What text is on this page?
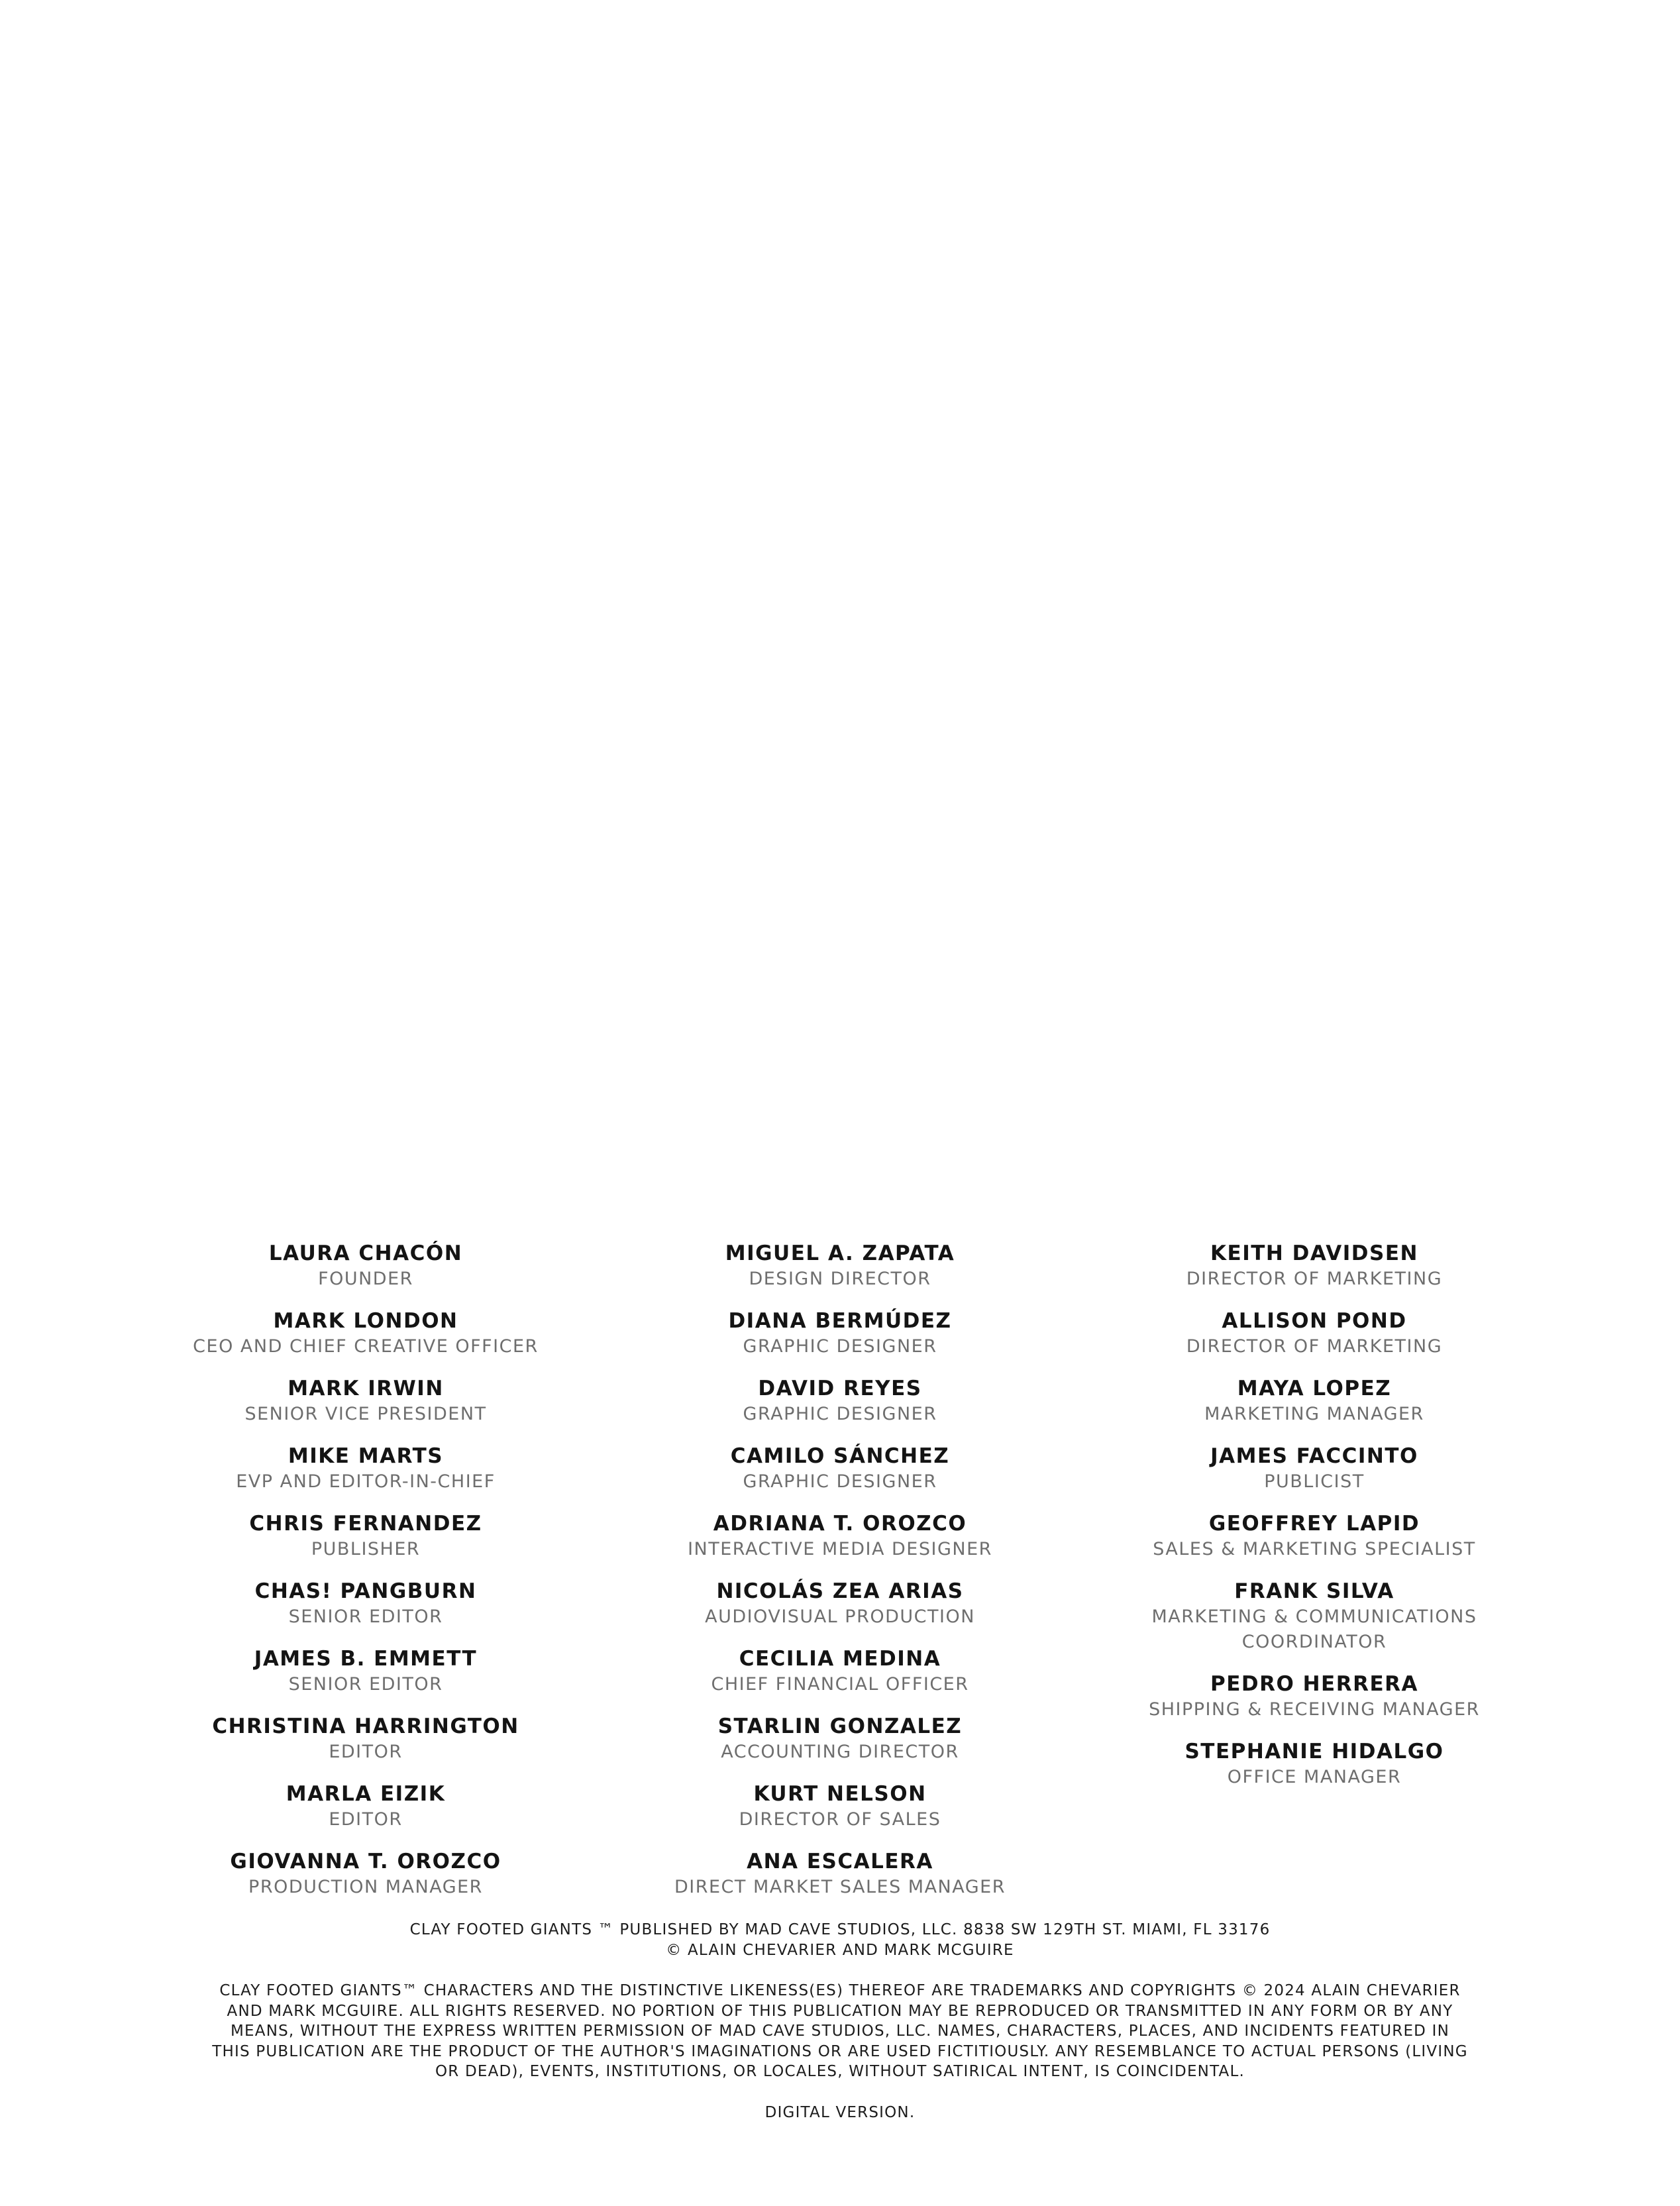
LAURA CHACÓN
FOUNDER
MARK LONDON
CEO AND CHIEF CREATIVE OFFICER
MARK IRWIN
SENIOR VICE PRESIDENT
MIKE MARTS
EVP AND EDITOR-IN-CHIEF
CHRIS FERNANDEZ
PUBLISHER
CHAS! PANGBURN
SENIOR EDITOR
JAMES B. EMMETT
SENIOR EDITOR
CHRISTINA HARRINGTON
EDITOR
MARLA EIZIK
EDITOR
GIOVANNA T. OROZCO
PRODUCTION MANAGER
MIGUEL A. ZAPATA
DESIGN DIRECTOR
DIANA BERMÚDEZ
GRAPHIC DESIGNER
DAVID REYES
GRAPHIC DESIGNER
CAMILO SÁNCHEZ
GRAPHIC DESIGNER
ADRIANA T. OROZCO
INTERACTIVE MEDIA DESIGNER
NICOLÁS ZEA ARIAS
AUDIOVISUAL PRODUCTION
CECILIA MEDINA
CHIEF FINANCIAL OFFICER
STARLIN GONZALEZ
ACCOUNTING DIRECTOR
KURT NELSON
DIRECTOR OF SALES
ANA ESCALERA
DIRECT MARKET SALES MANAGER
KEITH DAVIDSEN
DIRECTOR OF MARKETING
ALLISON POND
DIRECTOR OF MARKETING
MAYA LOPEZ
MARKETING MANAGER
JAMES FACCINTO
PUBLICIST
GEOFFREY LAPID
SALES & MARKETING SPECIALIST
FRANK SILVA
MARKETING & COMMUNICATIONS COORDINATOR
PEDRO HERRERA
SHIPPING & RECEIVING MANAGER
STEPHANIE HIDALGO
OFFICE MANAGER
CLAY FOOTED GIANTS ™ PUBLISHED BY MAD CAVE STUDIOS, LLC. 8838 SW 129TH ST. MIAMI, FL 33176
© ALAIN CHEVARIER AND MARK MCGUIRE
CLAY FOOTED GIANTS™ CHARACTERS AND THE DISTINCTIVE LIKENESS(ES) THEREOF ARE TRADEMARKS AND COPYRIGHTS © 2024 ALAIN CHEVARIER AND MARK MCGUIRE. ALL RIGHTS RESERVED. NO PORTION OF THIS PUBLICATION MAY BE REPRODUCED OR TRANSMITTED IN ANY FORM OR BY ANY MEANS, WITHOUT THE EXPRESS WRITTEN PERMISSION OF MAD CAVE STUDIOS, LLC. NAMES, CHARACTERS, PLACES, AND INCIDENTS FEATURED IN THIS PUBLICATION ARE THE PRODUCT OF THE AUTHOR'S IMAGINATIONS OR ARE USED FICTITIOUSLY. ANY RESEMBLANCE TO ACTUAL PERSONS (LIVING OR DEAD), EVENTS, INSTITUTIONS, OR LOCALES, WITHOUT SATIRICAL INTENT, IS COINCIDENTAL.
DIGITAL VERSION.
